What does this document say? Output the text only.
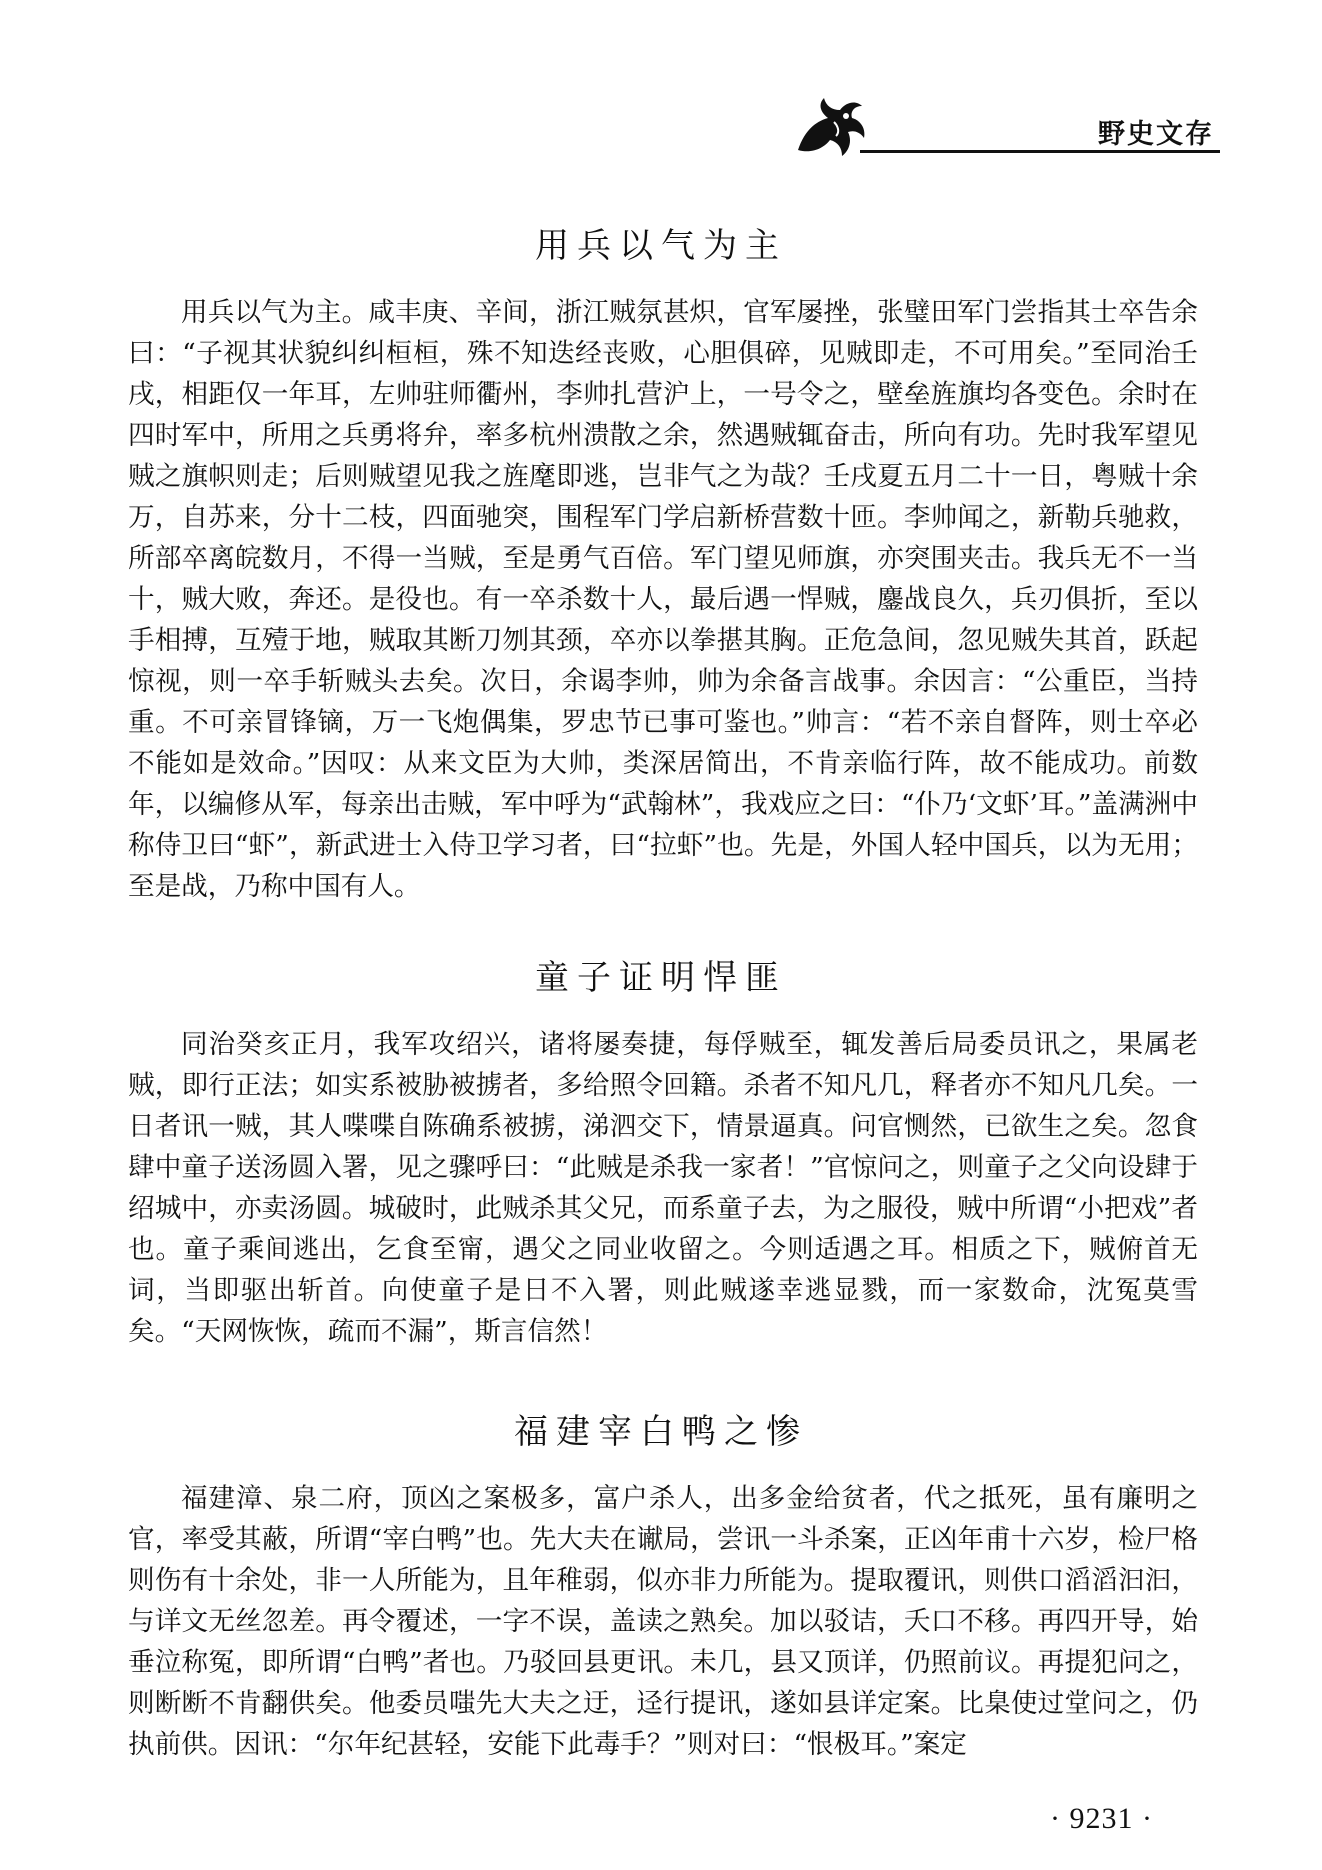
野史文存
用兵以气为主

用兵以气为主。咸丰庚、辛间，浙江贼氛甚炽，官军屡挫，张璧田军门尝指其士卒告余曰：“子视其状貌纠纠桓桓，殊不知迭经丧败，心胆俱碎，见贼即走，不可用矣。”至同治壬戌，相距仅一年耳，左帅驻师衢州，李帅扎营沪上，一号令之，壁垒旌旗均各变色。余时在四时军中，所用之兵勇将弁，率多杭州溃散之余，然遇贼辄奋击，所向有功。先时我军望见贼之旗帜则走；后则贼望见我之旌麾即逃，岂非气之为哉？壬戌夏五月二十一日，粤贼十余万，自苏来，分十二枝，四面驰突，围程军门学启新桥营数十匝。李帅闻之，新勒兵驰救，所部卒离皖数月，不得一当贼，至是勇气百倍。军门望见师旗，亦突围夹击。我兵无不一当十，贼大败，奔还。是役也。有一卒杀数十人，最后遇一悍贼，鏖战良久，兵刃俱折，至以手相搏，互殪于地，贼取其断刀刎其颈，卒亦以拳揕其胸。正危急间，忽见贼失其首，跃起惊视，则一卒手斩贼头去矣。次日，余谒李帅，帅为余备言战事。余因言：“公重臣，当持重。不可亲冒锋镝，万一飞炮偶集，罗忠节已事可鉴也。”帅言：“若不亲自督阵，则士卒必不能如是效命。”因叹：从来文臣为大帅，类深居简出，不肯亲临行阵，故不能成功。前数年，以编修从军，每亲出击贼，军中呼为“武翰林”，我戏应之曰：“仆乃‘文虾’耳。”盖满洲中称侍卫曰“虾”，新武进士入侍卫学习者，曰“拉虾”也。先是，外国人轻中国兵，以为无用；至是战，乃称中国有人。

童子证明悍匪

同治癸亥正月，我军攻绍兴，诸将屡奏捷，每俘贼至，辄发善后局委员讯之，果属老贼，即行正法；如实系被胁被掳者，多给照令回籍。杀者不知凡几，释者亦不知凡几矣。一日者讯一贼，其人喋喋自陈确系被掳，涕泗交下，情景逼真。问官恻然，已欲生之矣。忽食肆中童子送汤圆入署，见之骤呼曰：“此贼是杀我一家者！”官惊问之，则童子之父向设肆于绍城中，亦卖汤圆。城破时，此贼杀其父兄，而系童子去，为之服役，贼中所谓“小把戏”者也。童子乘间逃出，乞食至甯，遇父之同业收留之。今则适遇之耳。相质之下，贼俯首无词，当即驱出斩首。向使童子是日不入署，则此贼遂幸逃显戮，而一家数命，沈冤莫雪矣。“天网恢恢，疏而不漏”，斯言信然！

福建宰白鸭之惨

福建漳、泉二府，顶凶之案极多，富户杀人，出多金给贫者，代之抵死，虽有廉明之官，率受其蔽，所谓“宰白鸭”也。先大夫在谳局，尝讯一斗杀案，正凶年甫十六岁，检尸格则伤有十余处，非一人所能为，且年稚弱，似亦非力所能为。提取覆讯，则供口滔滔汩汩，与详文无丝忽差。再令覆述，一字不误，盖读之熟矣。加以驳诘，夭口不移。再四开导，始垂泣称冤，即所谓“白鸭”者也。乃驳回县更讯。未几，县又顶详，仍照前议。再提犯问之，则断断不肯翻供矣。他委员嗤先大夫之迂，迳行提讯，遂如县详定案。比臬使过堂问之，仍执前供。因讯：“尔年纪甚轻，安能下此毒手？”则对曰：“恨极耳。”案定

· 9231 ·
